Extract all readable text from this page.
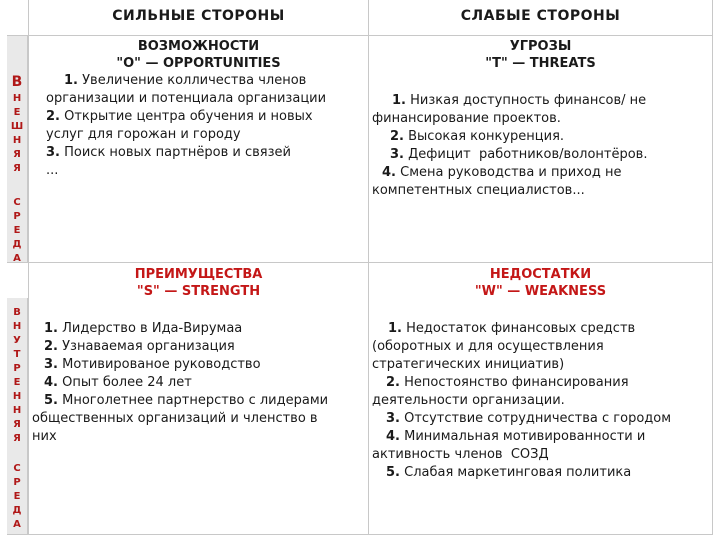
СИЛЬНЫЕ СТОРОНЫ	СЛАБЫЕ СТОРОНЫ
В
Н
Е
Ш
Н
Я
Я
С
Р
Е
Д
А
В
Н
У
Т
Р
Е
Н
Н
Я
Я
С
Р
Е
Д
А
ВОЗМОЖНОСТИ
"О" — OPPORTUNITIES
1. Увеличение колличества членов
организации и потенциала организации
2. Открытие центра обучения и новых
услуг для горожан и городу
3. Поиск новых партнёров и связей
...
УГРОЗЫ
"T" — THREATS
1. Низкая доступность финансов/ не
финансирование проектов.
2. Высокая конкуренция.
3. Дефицит  работников/волонтёров.
4. Смена руководства и приход не
компетентных специалистов...
ПРЕИМУЩЕСТВА
"S" — STRENGTH
1. Лидерство в Ида-Вирумаа
2. Узнаваемая организация
3. Мотивированое руководство
4. Опыт более 24 лет
5. Многолетнее партнерство с лидерами
общественных организаций и членство в
них
НЕДОСТАТКИ
"W" — WEAKNESS
1. Недостаток финансовых средств
(оборотных и для осуществления
стратегических инициатив)
2. Непостоянство финансирования
деятельности организации.
3. Отсутствие сотрудничества с городом
4. Минимальная мотивированности и
активность членов  СОЗД
5. Слабая маркетинговая политика
